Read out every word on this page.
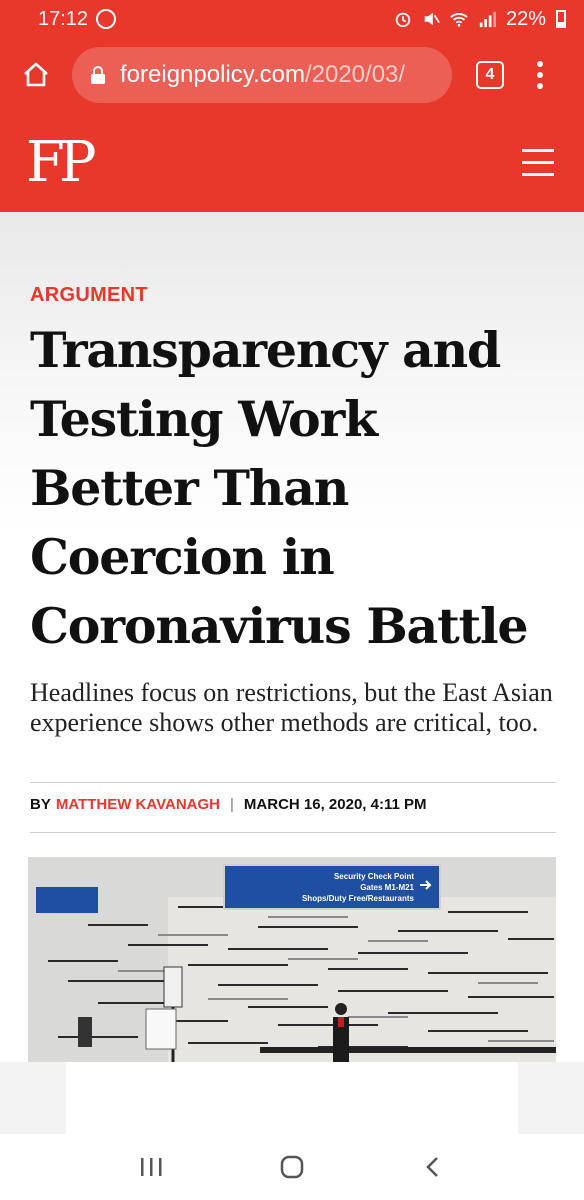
17:12	22%
foreignpolicy.com /2020/03/	4
FP
ARGUMENT
Transparency and
Testing Work
Better Than
Coercion in
Coronavirus Battle

Headlines focus on restrictions, but the East Asian experience shows other methods are critical, too.

BY MATTHEW KAVANAGH | MARCH 16, 2020, 4:11 PM
Security Check Point
Gates M1-M21
Shops/Duty Free/Restaurants
